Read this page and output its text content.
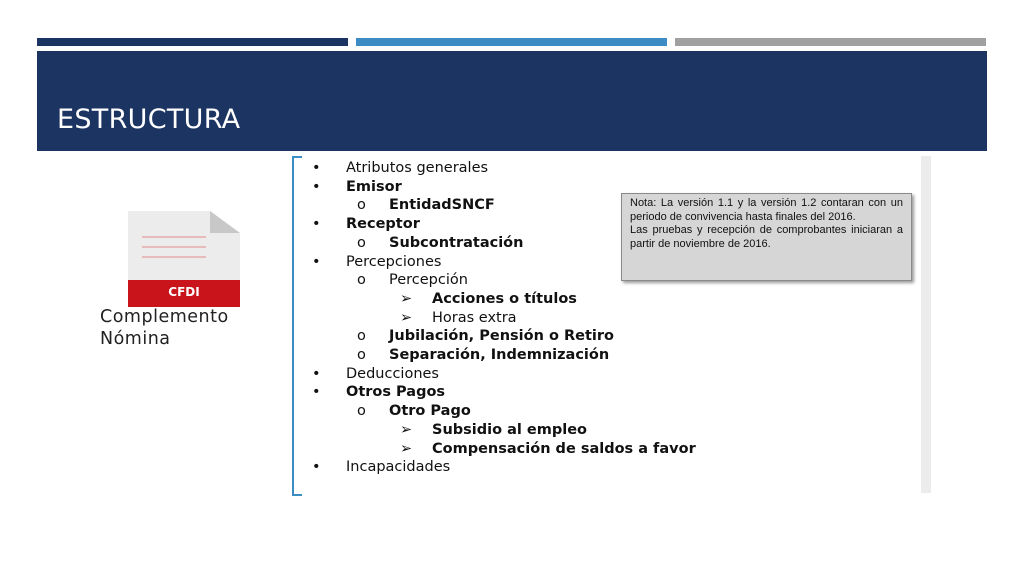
ESTRUCTURA
CFDI
Complemento
Nómina
• Atributos generales
• Emisor
o EntidadSNCF
• Receptor
o Subcontratación
• Percepciones
o Percepción
➢ Acciones o títulos
➢ Horas extra
o Jubilación, Pensión o Retiro
o Separación, Indemnización
• Deducciones
• Otros Pagos
o Otro Pago
➢ Subsidio al empleo
➢ Compensación de saldos a favor
• Incapacidades

Nota: La versión 1.1 y la versión 1.2 contaran con un periodo de convivencia hasta finales del 2016.

Las pruebas y recepción de comprobantes iniciaran a partir de noviembre de 2016.
